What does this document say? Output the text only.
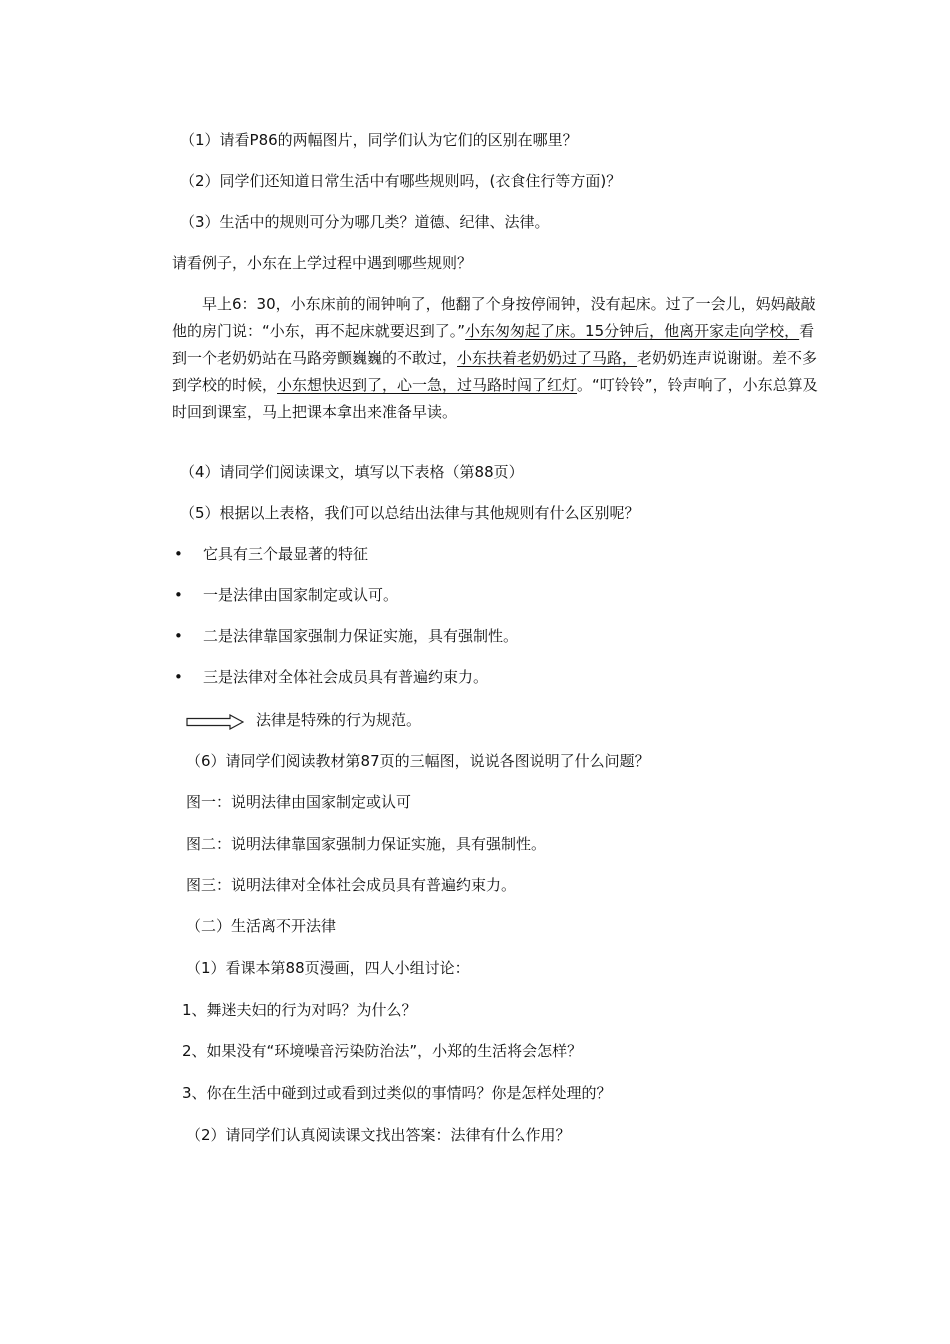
（1）请看P86的两幅图片，同学们认为它们的区别在哪里？
（2）同学们还知道日常生活中有哪些规则吗，(衣食住行等方面)？
（3）生活中的规则可分为哪几类？道德、纪律、法律。
请看例子，小东在上学过程中遇到哪些规则？
　　早上6：30，小东床前的闹钟响了，他翻了个身按停闹钟，没有起床。过了一会儿，妈妈敲敲他的房门说：“小东，再不起床就要迟到了。”小东匆匆起了床。15分钟后，他离开家走向学校，看到一个老奶奶站在马路旁颤巍巍的不敢过，小东扶着老奶奶过了马路，老奶奶连声说谢谢。差不多到学校的时候，小东想快迟到了，心一急，过马路时闯了红灯。“叮铃铃”，铃声响了，小东总算及时回到课室，马上把课本拿出来准备早读。
（4）请同学们阅读课文，填写以下表格（第88页）
（5）根据以上表格，我们可以总结出法律与其他规则有什么区别呢？
• 它具有三个最显著的特征
• 一是法律由国家制定或认可。
• 二是法律靠国家强制力保证实施，具有强制性。
• 三是法律对全体社会成员具有普遍约束力。
法律是特殊的行为规范。
（6）请同学们阅读教材第87页的三幅图，说说各图说明了什么问题？
图一：说明法律由国家制定或认可
图二：说明法律靠国家强制力保证实施，具有强制性。
图三：说明法律对全体社会成员具有普遍约束力。
（二）生活离不开法律
（1）看课本第88页漫画，四人小组讨论：
1、舞迷夫妇的行为对吗？为什么？
2、如果没有“环境噪音污染防治法”，小郑的生活将会怎样？
3、你在生活中碰到过或看到过类似的事情吗？你是怎样处理的？
（2）请同学们认真阅读课文找出答案：法律有什么作用？
